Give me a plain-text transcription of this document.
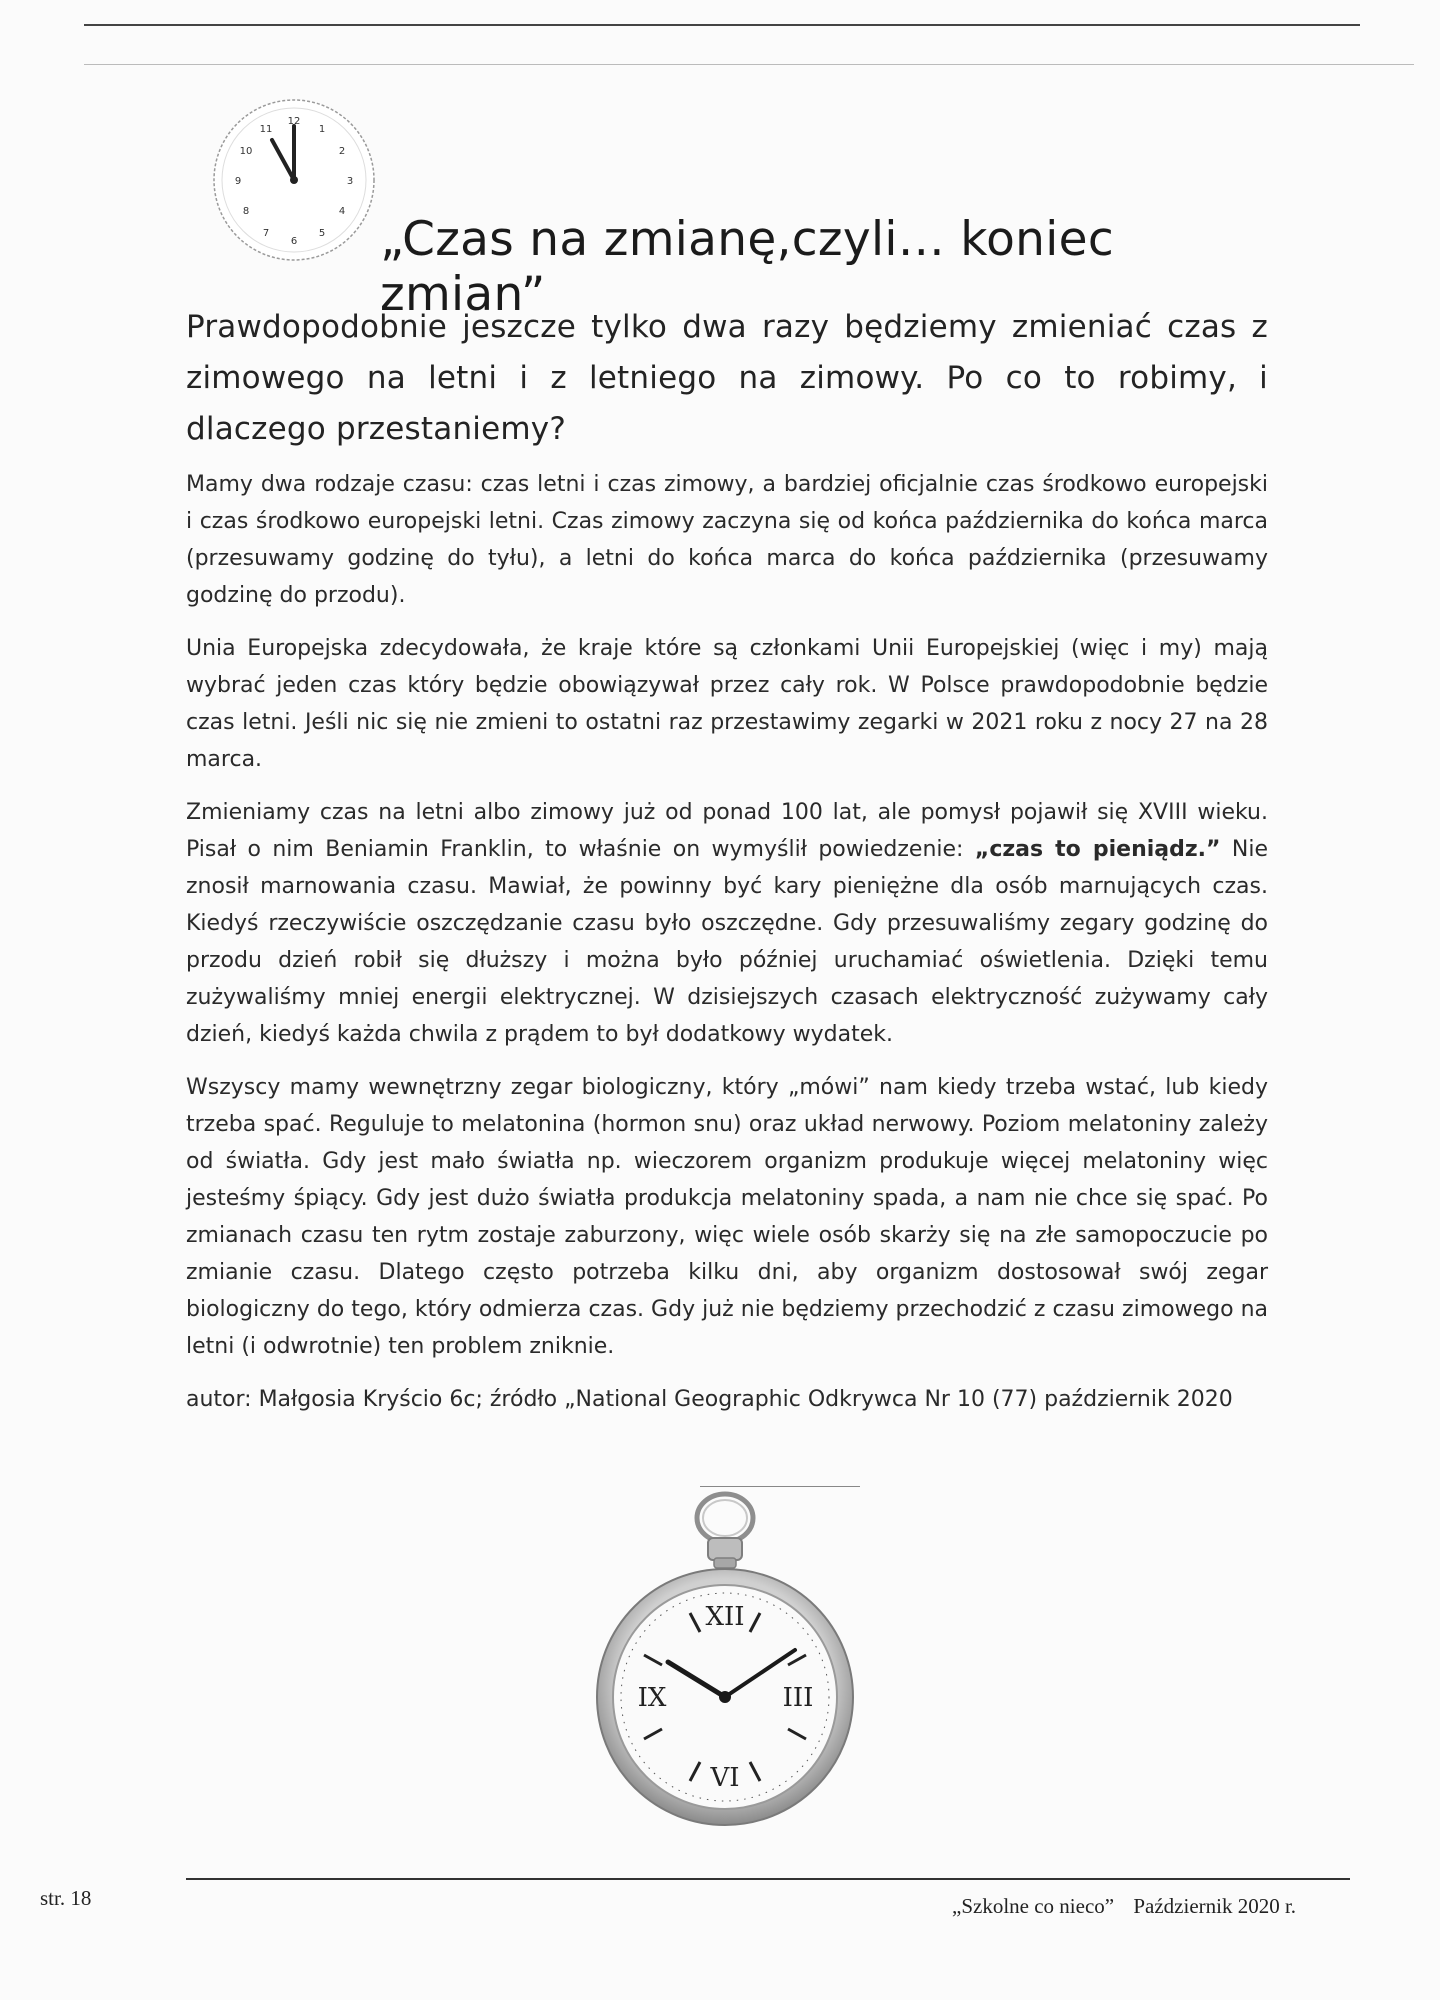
12
1
2
3
4
5
6
7
8
9
10
11
„Czas na zmianę,czyli… koniec zmian”
Prawdopodobnie jeszcze tylko dwa razy będziemy zmieniać czas z zimowego na letni i z letniego na zimowy. Po co to robimy, i dlaczego przestaniemy?

Mamy dwa rodzaje czasu: czas letni i czas zimowy, a bardziej oficjalnie czas środkowo europejski i czas środkowo europejski letni. Czas zimowy zaczyna się od końca października do końca marca (przesuwamy godzinę do tyłu), a letni do końca marca do końca października (przesuwamy godzinę do przodu).

Unia Europejska zdecydowała, że kraje które są członkami Unii Europejskiej (więc i my) mają wybrać jeden czas który będzie obowiązywał przez cały rok. W Polsce prawdopodobnie będzie czas letni. Jeśli nic się nie zmieni to ostatni raz przestawimy zegarki w 2021 roku z nocy 27 na 28 marca.

Zmieniamy czas na letni albo zimowy już od ponad 100 lat, ale pomysł pojawił się XVIII wieku. Pisał o nim Beniamin Franklin, to właśnie on wymyślił powiedzenie: „czas to pieniądz.” Nie znosił marnowania czasu. Mawiał, że powinny być kary pieniężne dla osób marnujących czas. Kiedyś rzeczywiście oszczędzanie czasu było oszczędne. Gdy przesuwaliśmy zegary godzinę do przodu dzień robił się dłuższy i można było później uruchamiać oświetlenia. Dzięki temu zużywaliśmy mniej energii elektrycznej. W dzisiejszych czasach elektryczność zużywamy cały dzień, kiedyś każda chwila z prądem to był dodatkowy wydatek.

Wszyscy mamy wewnętrzny zegar biologiczny, który „mówi” nam kiedy trzeba wstać, lub kiedy trzeba spać. Reguluje to melatonina (hormon snu) oraz układ nerwowy. Poziom melatoniny zależy od światła. Gdy jest mało światła np. wieczorem organizm produkuje więcej melatoniny więc jesteśmy śpiący. Gdy jest dużo światła produkcja melatoniny spada, a nam nie chce się spać. Po zmianach czasu ten rytm zostaje zaburzony, więc wiele osób skarży się na złe samopoczucie po zmianie czasu. Dlatego często potrzeba kilku dni, aby organizm dostosował swój zegar biologiczny do tego, który odmierza czas. Gdy już nie będziemy przechodzić z czasu zimowego na letni (i odwrotnie) ten problem zniknie.

autor: Małgosia Kryścio 6c; źródło „National Geographic Odkrywca Nr 10 (77) październik 2020

XII
III
VI
IX
str. 18	„Szkolne co nieco” Październik 2020 r.
